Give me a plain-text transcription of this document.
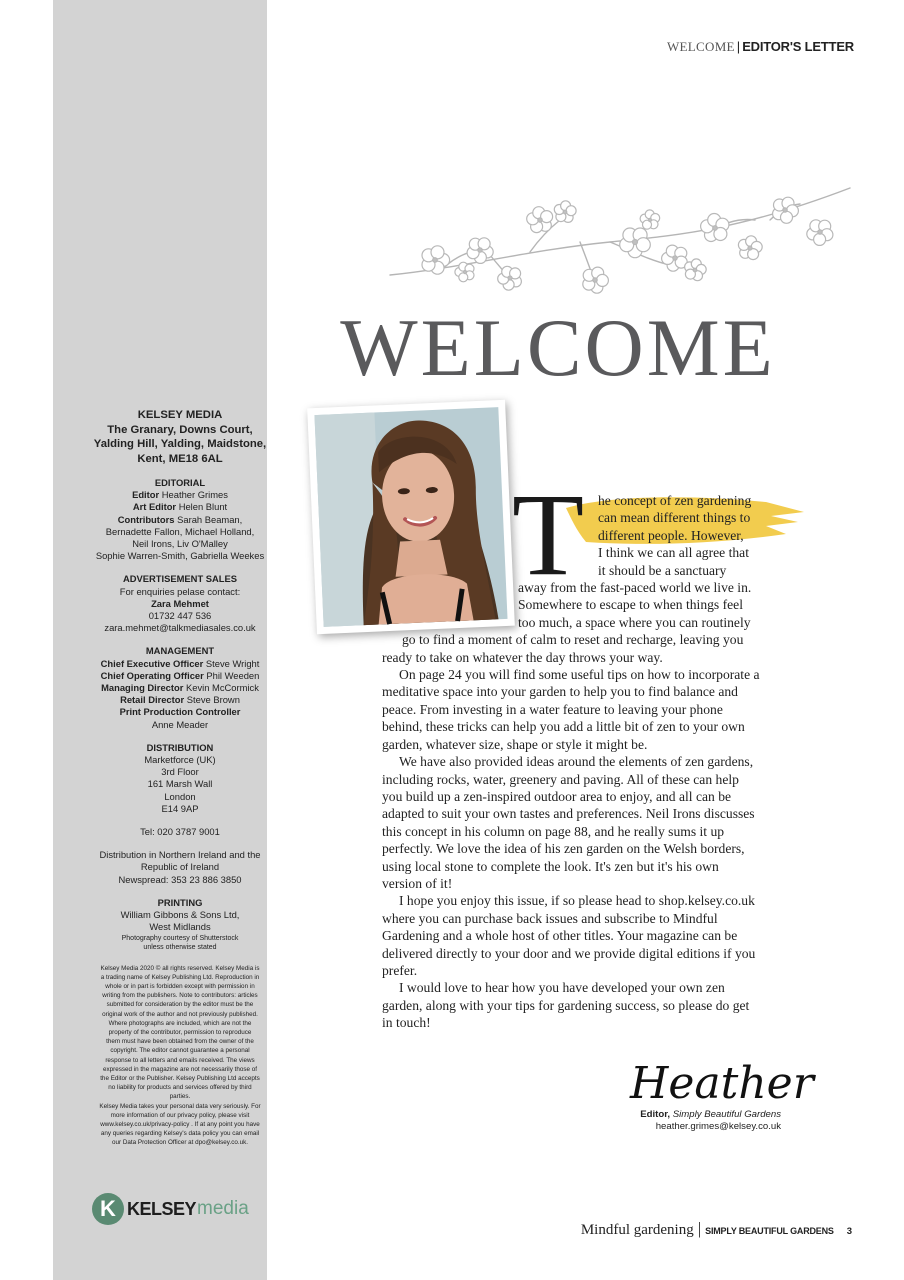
KELSEY MEDIA
The Granary, Downs Court,
Yalding Hill, Yalding, Maidstone,
Kent, ME18 6AL
EDITORIAL
Editor Heather Grimes
Art Editor Helen Blunt
Contributors Sarah Beaman,
Bernadette Fallon, Michael Holland,
Neil Irons, Liv O'Malley
Sophie Warren-Smith, Gabriella Weekes
ADVERTISEMENT SALES
For enquiries pelase contact:
Zara Mehmet
01732 447 536
zara.mehmet@talkmediasales.co.uk
MANAGEMENT
Chief Executive Officer Steve Wright
Chief Operating Officer Phil Weeden
Managing Director Kevin McCormick
Retail Director Steve Brown
Print Production Controller
Anne Meader
DISTRIBUTION
Marketforce (UK)
3rd Floor
161 Marsh Wall
London
E14 9AP
Tel: 020 3787 9001
Distribution in Northern Ireland and the
Republic of Ireland
Newspread: 353 23 886 3850
PRINTING
William Gibbons & Sons Ltd,
West Midlands
Photography courtesy of Shutterstock
unless otherwise stated
Kelsey Media 2020 © all rights reserved. Kelsey Media is
a trading name of Kelsey Publishing Ltd. Reproduction in
whole or in part is forbidden except with permission in
writing from the publishers. Note to contributors: articles
submitted for consideration by the editor must be the
original work of the author and not previously published.
Where photographs are included, which are not the
property of the contributor, permission to reproduce
them must have been obtained from the owner of the
copyright. The editor cannot guarantee a personal
response to all letters and emails received. The views
expressed in the magazine are not necessarily those of
the Editor or the Publisher. Kelsey Publishing Ltd accepts
no liability for products and services offered by third
parties.
Kelsey Media takes your personal data very seriously. For
more information of our privacy policy, please visit
www.kelsey.co.uk/privacy-policy . If at any point you have
any queries regarding Kelsey's data policy you can email
our Data Protection Officer at dpo@kelsey.co.uk.
K KELSEY media
WELCOME | EDITOR'S LETTER
WELCOME
T	he concept of zen gardening
can mean different things to
different people. However,
I think we can all agree that
it should be a sanctuary
away from the fast-paced world we live in.
Somewhere to escape to when things feel
too much, a space where you can routinely
go to find a moment of calm to reset and recharge, leaving you
ready to take on whatever the day throws your way.

On page 24 you will find some useful tips on how to incorporate a meditative space into your garden to help you to find balance and peace. From investing in a water feature to leaving your phone behind, these tricks can help you add a little bit of zen to your own garden, whatever size, shape or style it might be.

We have also provided ideas around the elements of zen gardens, including rocks, water, greenery and paving. All of these can help you build up a zen-inspired outdoor area to enjoy, and all can be adapted to suit your own tastes and preferences. Neil Irons discusses this concept in his column on page 88, and he really sums it up perfectly. We love the idea of his zen garden on the Welsh borders, using local stone to complete the look. It's zen but it's his own version of it!

I hope you enjoy this issue, if so please head to shop.kelsey.co.uk where you can purchase back issues and subscribe to Mindful Gardening and a whole host of other titles. Your magazine can be delivered directly to your door and we provide digital editions if you prefer.

I would love to hear how you have developed your own zen garden, along with your tips for gardening success, so please do get in touch!

Heather
Editor, Simply Beautiful Gardens
heather.grimes@kelsey.co.uk
Mindful gardening | SIMPLY BEAUTIFUL GARDENS 3
